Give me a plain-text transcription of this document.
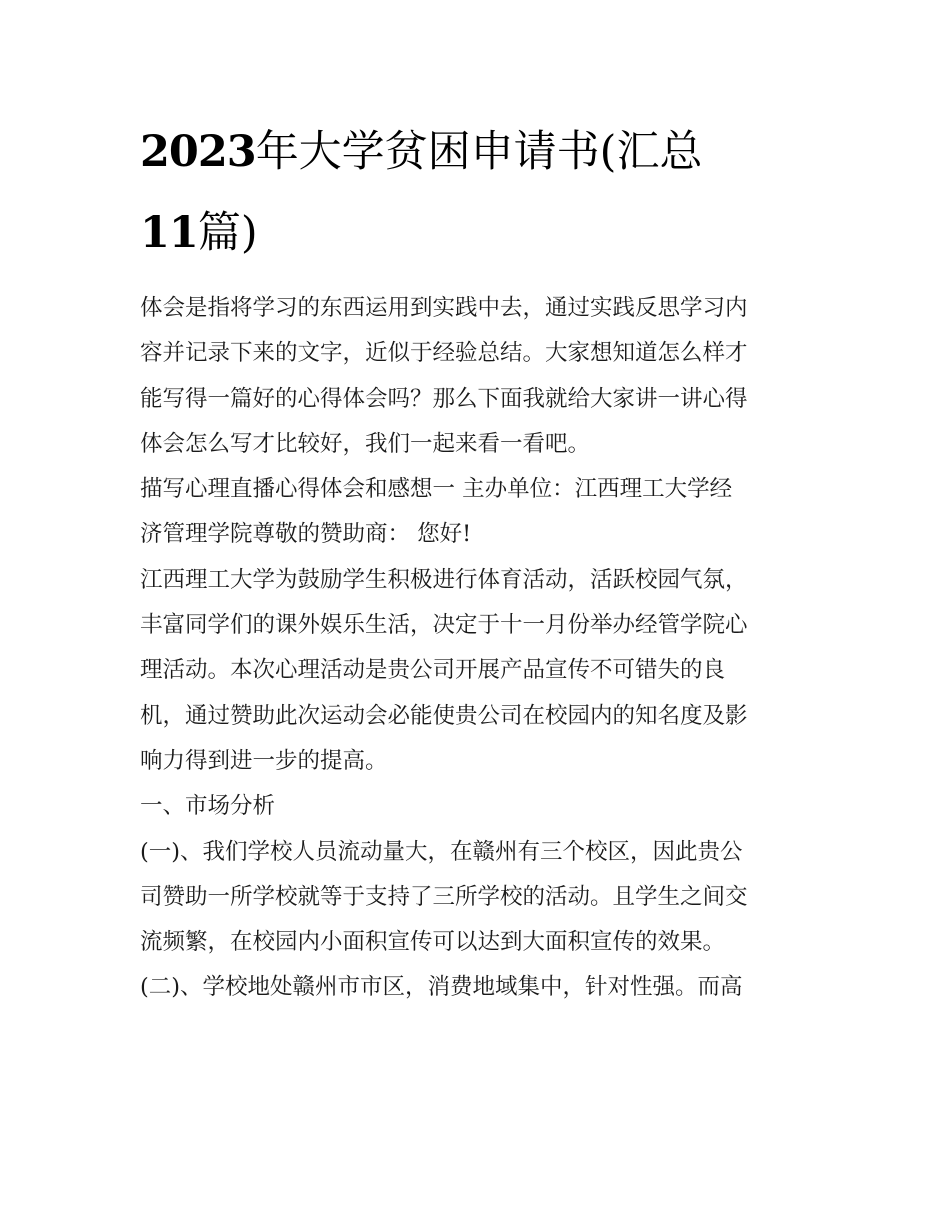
2023年大学贫困申请书(汇总
11篇)

体会是指将学习的东西运用到实践中去，通过实践反思学习内
容并记录下来的文字，近似于经验总结。大家想知道怎么样才
能写得一篇好的心得体会吗？那么下面我就给大家讲一讲心得
体会怎么写才比较好，我们一起来看一看吧。

描写心理直播心得体会和感想一 主办单位：江西理工大学经
济管理学院尊敬的赞助商： 您好!

江西理工大学为鼓励学生积极进行体育活动，活跃校园气氛，
丰富同学们的课外娱乐生活，决定于十一月份举办经管学院心
理活动。本次心理活动是贵公司开展产品宣传不可错失的良
机，通过赞助此次运动会必能使贵公司在校园内的知名度及影
响力得到进一步的提高。

一、市场分析

(一)、我们学校人员流动量大，在赣州有三个校区，因此贵公
司赞助一所学校就等于支持了三所学校的活动。且学生之间交
流频繁，在校园内小面积宣传可以达到大面积宣传的效果。

(二)、学校地处赣州市市区，消费地域集中，针对性强。而高
